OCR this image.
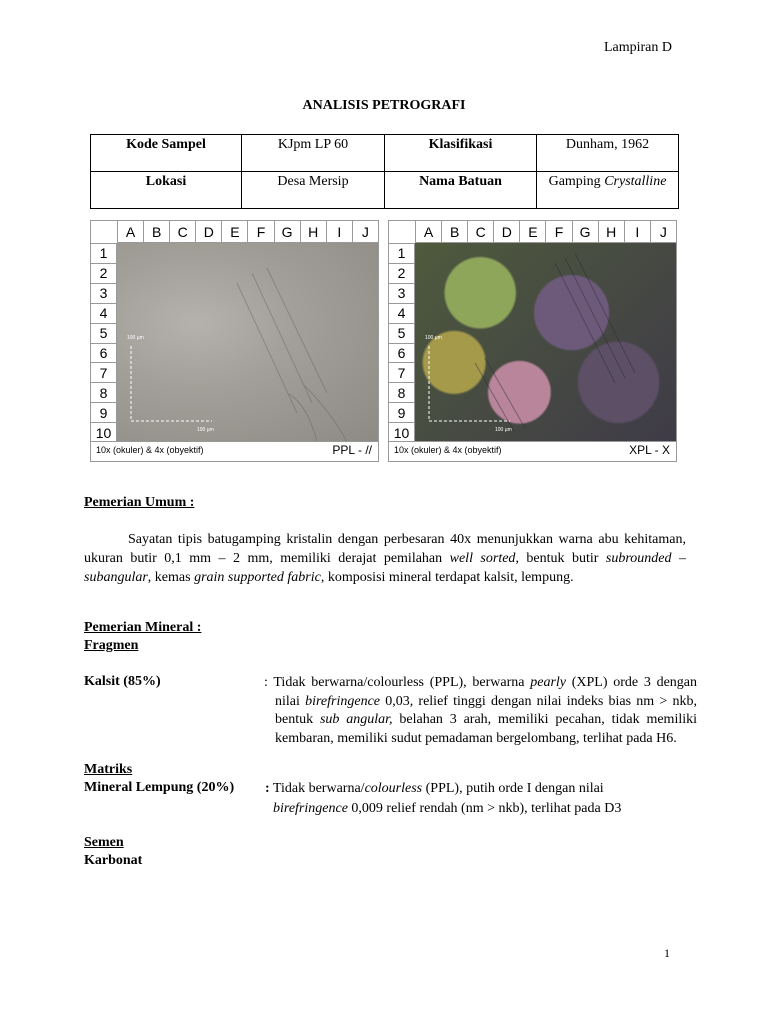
Lampiran D
ANALISIS PETROGRAFI
Kode Sampel	KJpm LP 60	Klasifikasi	Dunham, 1962
Lokasi	Desa Mersip	Nama Batuan	Gamping Crystalline
A	B	C	D	E	F	G	H	I	J
1
2
3
4
5
6
7
8
9
10
100 µm
100 µm
10x (okuler) & 4x (obyektif)	PPL - //
A	B	C	D	E	F	G	H	I	J
1
2
3
4
5
6
7
8
9
10
100 µm
100 µm
10x (okuler) & 4x (obyektif)	XPL - X
Pemerian Umum :
Sayatan tipis batugamping kristalin dengan perbesaran 40x menunjukkan warna abu kehitaman, ukuran butir 0,1 mm – 2 mm, memiliki derajat pemilahan well sorted, bentuk butir subrounded – subangular, kemas grain supported fabric, komposisi mineral terdapat kalsit, lempung.
Pemerian Mineral :
Fragmen
Kalsit (85%)	: Tidak berwarna/colourless (PPL), berwarna pearly (XPL) orde 3 dengan nilai birefringence 0,03, relief tinggi dengan nilai indeks bias nm > nkb, bentuk sub angular, belahan 3 arah, memiliki pecahan, tidak memiliki kembaran, memiliki sudut pemadaman bergelombang, terlihat pada H6.
Matriks
Mineral Lempung (20%) : Tidak berwarna/colourless (PPL), putih orde I dengan nilai
birefringence 0,009 relief rendah (nm > nkb), terlihat pada D3
Semen
Karbonat
1
